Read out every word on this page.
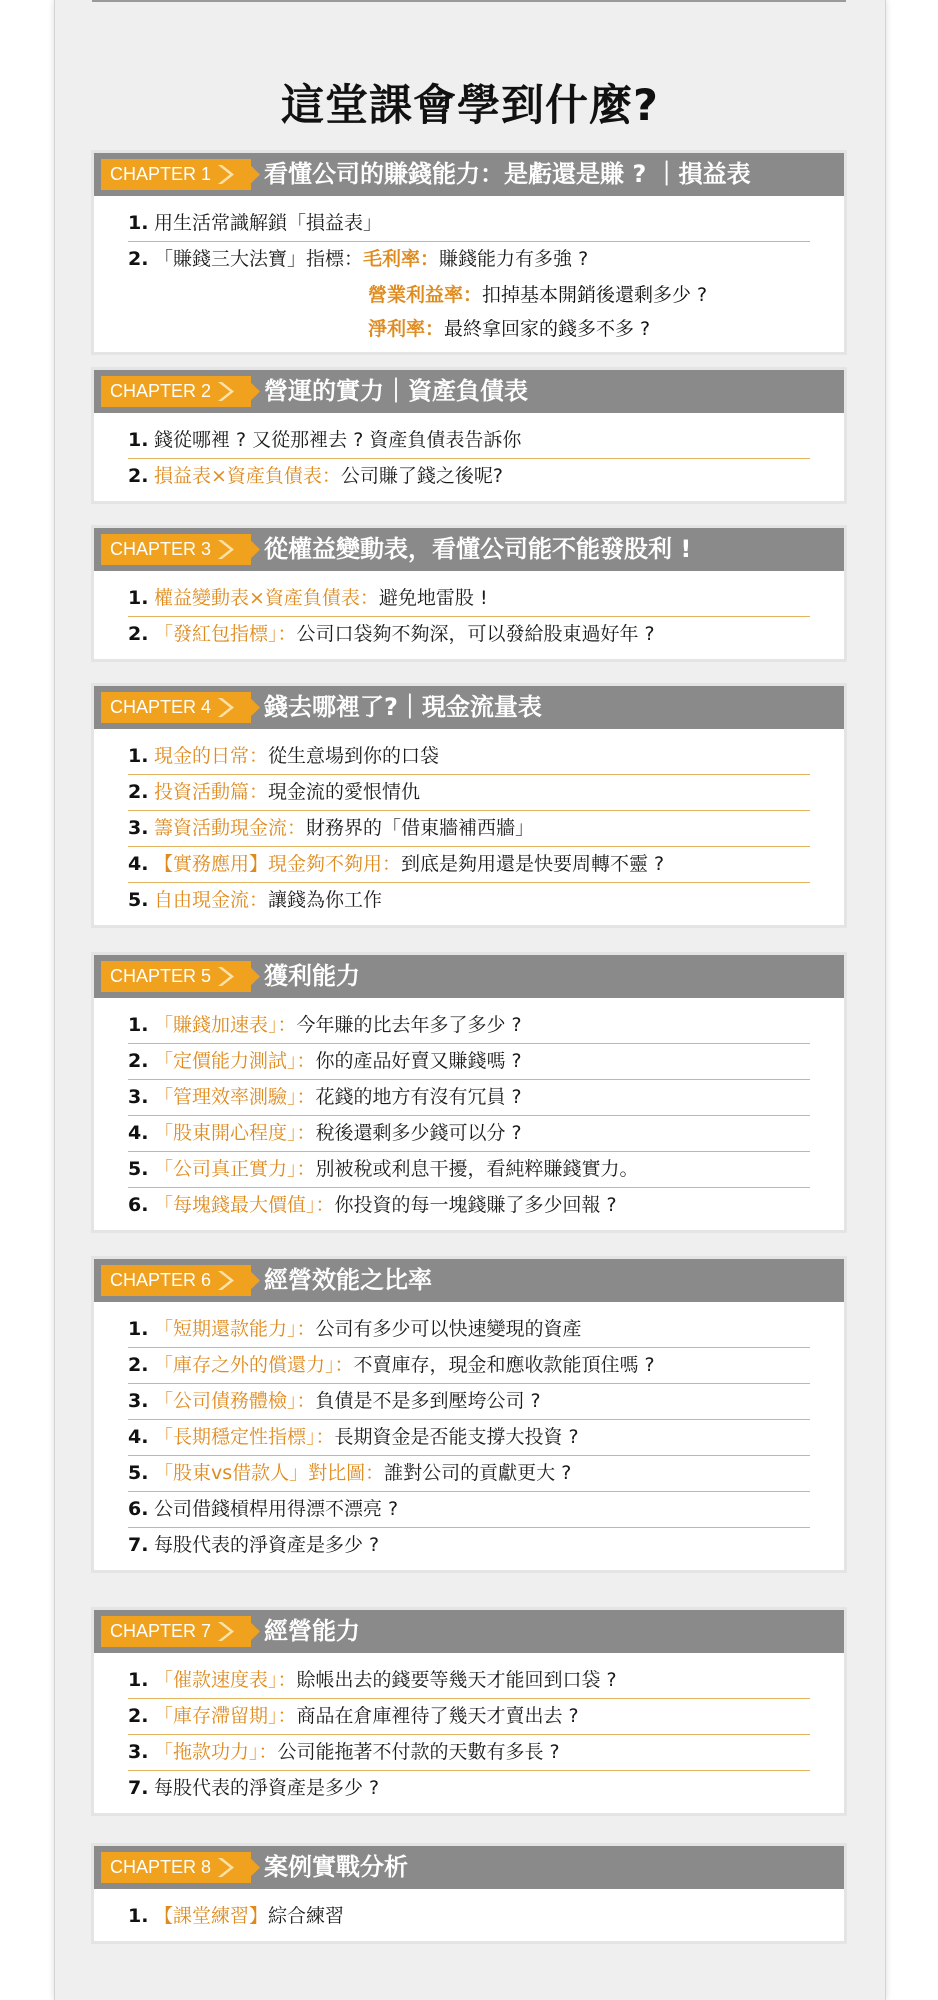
這堂課會學到什麼?
CHAPTER 1	看懂公司的賺錢能力：是虧還是賺 ? ｜損益表
1. 用生活常識解鎖「損益表」
2. 「賺錢三大法寶」指標：毛利率：賺錢能力有多強 ?
營業利益率：扣掉基本開銷後還剩多少 ?
淨利率：最終拿回家的錢多不多 ?
CHAPTER 2	營運的實力｜資產負債表
1. 錢從哪裡 ? 又從那裡去 ? 資產負債表告訴你
2. 損益表×資產負債表：公司賺了錢之後呢?
CHAPTER 3	從權益變動表，看懂公司能不能發股利 !
1. 權益變動表×資產負債表：避免地雷股 !
2. 「發紅包指標」：公司口袋夠不夠深，可以發給股東過好年 ?
CHAPTER 4	錢去哪裡了?｜現金流量表
1. 現金的日常：從生意場到你的口袋
2. 投資活動篇：現金流的愛恨情仇
3. 籌資活動現金流：財務界的「借東牆補西牆」
4. 【實務應用】現金夠不夠用：到底是夠用還是快要周轉不靈 ?
5. 自由現金流：讓錢為你工作
CHAPTER 5	獲利能力
1. 「賺錢加速表」：今年賺的比去年多了多少 ?
2. 「定價能力測試」：你的產品好賣又賺錢嗎 ?
3. 「管理效率測驗」：花錢的地方有沒有冗員 ?
4. 「股東開心程度」：稅後還剩多少錢可以分 ?
5. 「公司真正實力」：別被稅或利息干擾，看純粹賺錢實力。
6. 「每塊錢最大價值」：你投資的每一塊錢賺了多少回報 ?
CHAPTER 6	經營效能之比率
1. 「短期還款能力」：公司有多少可以快速變現的資產
2. 「庫存之外的償還力」：不賣庫存，現金和應收款能頂住嗎 ?
3. 「公司債務體檢」：負債是不是多到壓垮公司 ?
4. 「長期穩定性指標」：長期資金是否能支撐大投資 ?
5. 「股東vs借款人」對比圖：誰對公司的貢獻更大 ?
6. 公司借錢槓桿用得漂不漂亮 ?
7. 每股代表的淨資產是多少 ?
CHAPTER 7	經營能力
1. 「催款速度表」：賒帳出去的錢要等幾天才能回到口袋 ?
2. 「庫存滯留期」：商品在倉庫裡待了幾天才賣出去 ?
3. 「拖款功力」：公司能拖著不付款的天數有多長 ?
7. 每股代表的淨資產是多少 ?
CHAPTER 8	案例實戰分析
1. 【課堂練習】綜合練習
